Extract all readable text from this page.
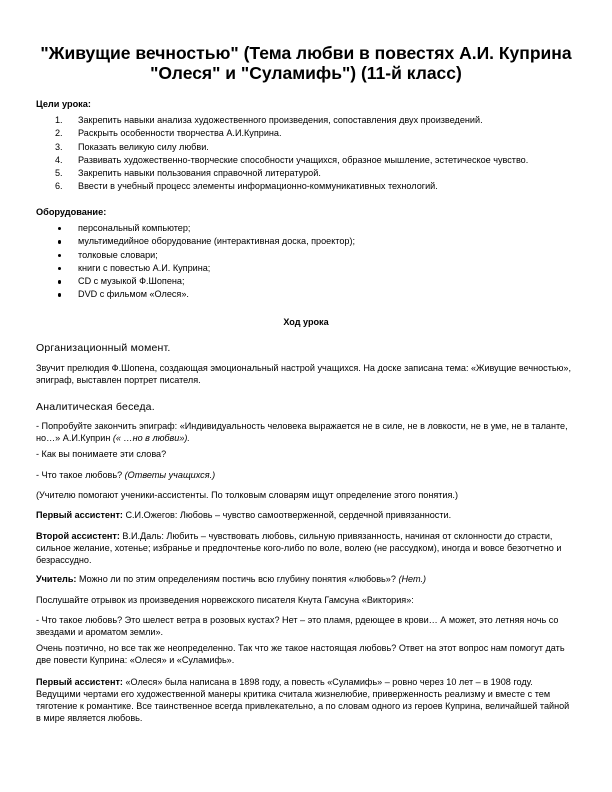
"Живущие вечностью" (Тема любви в повестях А.И. Куприна "Олеся" и "Суламифь") (11-й класс)
Цели урока:
1.	Закрепить навыки анализа художественного произведения, сопоставления двух произведений.
2.	Раскрыть особенности творчества А.И.Куприна.
3.	Показать великую силу любви.
4.	Развивать художественно-творческие способности учащихся, образное мышление, эстетическое чувство.
5.	Закрепить навыки пользования справочной литературой.
6.	Ввести в учебный процесс элементы информационно-коммуникативных технологий.
Оборудование:
персональный компьютер;
мультимедийное оборудование (интерактивная доска, проектор);
толковые словари;
книги с повестью А.И. Куприна;
CD с музыкой Ф.Шопена;
DVD с фильмом «Олеся».
Ход урока
Организационный момент.

Звучит прелюдия Ф.Шопена, создающая эмоциональный настрой учащихся. На доске записана тема: «Живущие вечностью», эпиграф, выставлен портрет писателя.

Аналитическая беседа.

- Попробуйте закончить эпиграф: «Индивидуальность человека выражается не в силе, не в ловкости, не в уме, не в таланте, но…» А.И.Куприн (« …но в любви»).

- Как вы понимаете эти слова?

- Что такое любовь? (Ответы учащихся.)

(Учителю помогают ученики-ассистенты. По толковым словарям ищут определение этого понятия.)

Первый ассистент: С.И.Ожегов: Любовь – чувство самоотверженной, сердечной привязанности.

Второй ассистент: В.И.Даль: Любить – чувствовать любовь, сильную привязанность, начиная от склонности до страсти, сильное желание, хотенье; избранье и предпочтенье кого-либо по воле, волею (не рассудком), иногда и вовсе безотчетно и безрассудно.

Учитель: Можно ли по этим определениям постичь всю глубину понятия «любовь»? (Нет.)

Послушайте отрывок из произведения норвежского писателя Кнута Гамсуна «Виктория»:

- Что такое любовь? Это шелест ветра в розовых кустах? Нет – это пламя, рдеющее в крови… А может, это летняя ночь со звездами и ароматом земли».

Очень поэтично, но все так же неопределенно. Так что же такое настоящая любовь? Ответ на этот вопрос нам помогут дать две повести Куприна: «Олеся» и «Суламифь».

Первый ассистент: «Олеся» была написана в 1898 году, а повесть «Суламифь» – ровно через 10 лет – в 1908 году. Ведущими чертами его художественной манеры критика считала жизнелюбие, приверженность реализму и вместе с тем тяготение к романтике. Все таинственное всегда привлекательно, а по словам одного из героев Куприна, величайшей тайной в мире является любовь.
